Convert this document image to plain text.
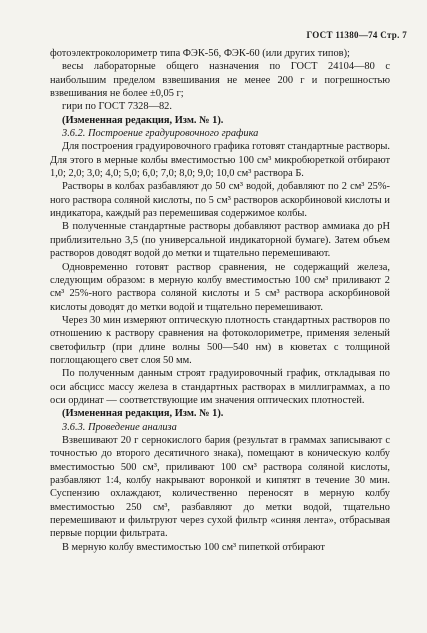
ГОСТ 11380—74 Стр. 7

фотоэлектроколориметр типа ФЭК-56, ФЭК-60 (или других типов);

весы лабораторные общего назначения по ГОСТ 24104—80 с наибольшим пределом взвешивания не менее 200 г и погрешностью взвешивания не более ±0,05 г;

гири по ГОСТ 7328—82.

(Измененная редакция, Изм. № 1).

3.6.2. Построение градуировочного графика

Для построения градуировочного графика готовят стандартные растворы. Для этого в мерные колбы вместимостью 100 см³ микробюреткой отбирают 1,0; 2,0; 3,0; 4,0; 5,0; 6,0; 7,0; 8,0; 9,0; 10,0 см³ раствора Б.

Растворы в колбах разбавляют до 50 см³ водой, добавляют по 2 см³ 25%-ного раствора соляной кислоты, по 5 см³ растворов аскорбиновой кислоты и индикатора, каждый раз перемешивая содержимое колбы.

В полученные стандартные растворы добавляют раствор аммиака до pH приблизительно 3,5 (по универсальной индикаторной бумаге). Затем объем растворов доводят водой до метки и тщательно перемешивают.

Одновременно готовят раствор сравнения, не содержащий железа, следующим образом: в мерную колбу вместимостью 100 см³ приливают 2 см³ 25%-ного раствора соляной кислоты и 5 см³ раствора аскорбиновой кислоты доводят до метки водой и тщательно перемешивают.

Через 30 мин измеряют оптическую плотность стандартных растворов по отношению к раствору сравнения на фотоколориметре, применяя зеленый светофильтр (при длине волны 500—540 нм) в кюветах с толщиной поглощающего свет слоя 50 мм.

По полученным данным строят градуировочный график, откладывая по оси абсцисс массу железа в стандартных растворах в миллиграммах, а по оси ординат — соответствующие им значения оптических плотностей.

(Измененная редакция, Изм. № 1).

3.6.3. Проведение анализа

Взвешивают 20 г сернокислого бария (результат в граммах записывают с точностью до второго десятичного знака), помещают в коническую колбу вместимостью 500 см³, приливают 100 см³ раствора соляной кислоты, разбавляют 1:4, колбу накрывают воронкой и кипятят в течение 30 мин. Суспензию охлаждают, количественно переносят в мерную колбу вместимостью 250 см³, разбавляют до метки водой, тщательно перемешивают и фильтруют через сухой фильтр «синяя лента», отбрасывая первые порции фильтрата.

В мерную колбу вместимостью 100 см³ пипеткой отбирают
